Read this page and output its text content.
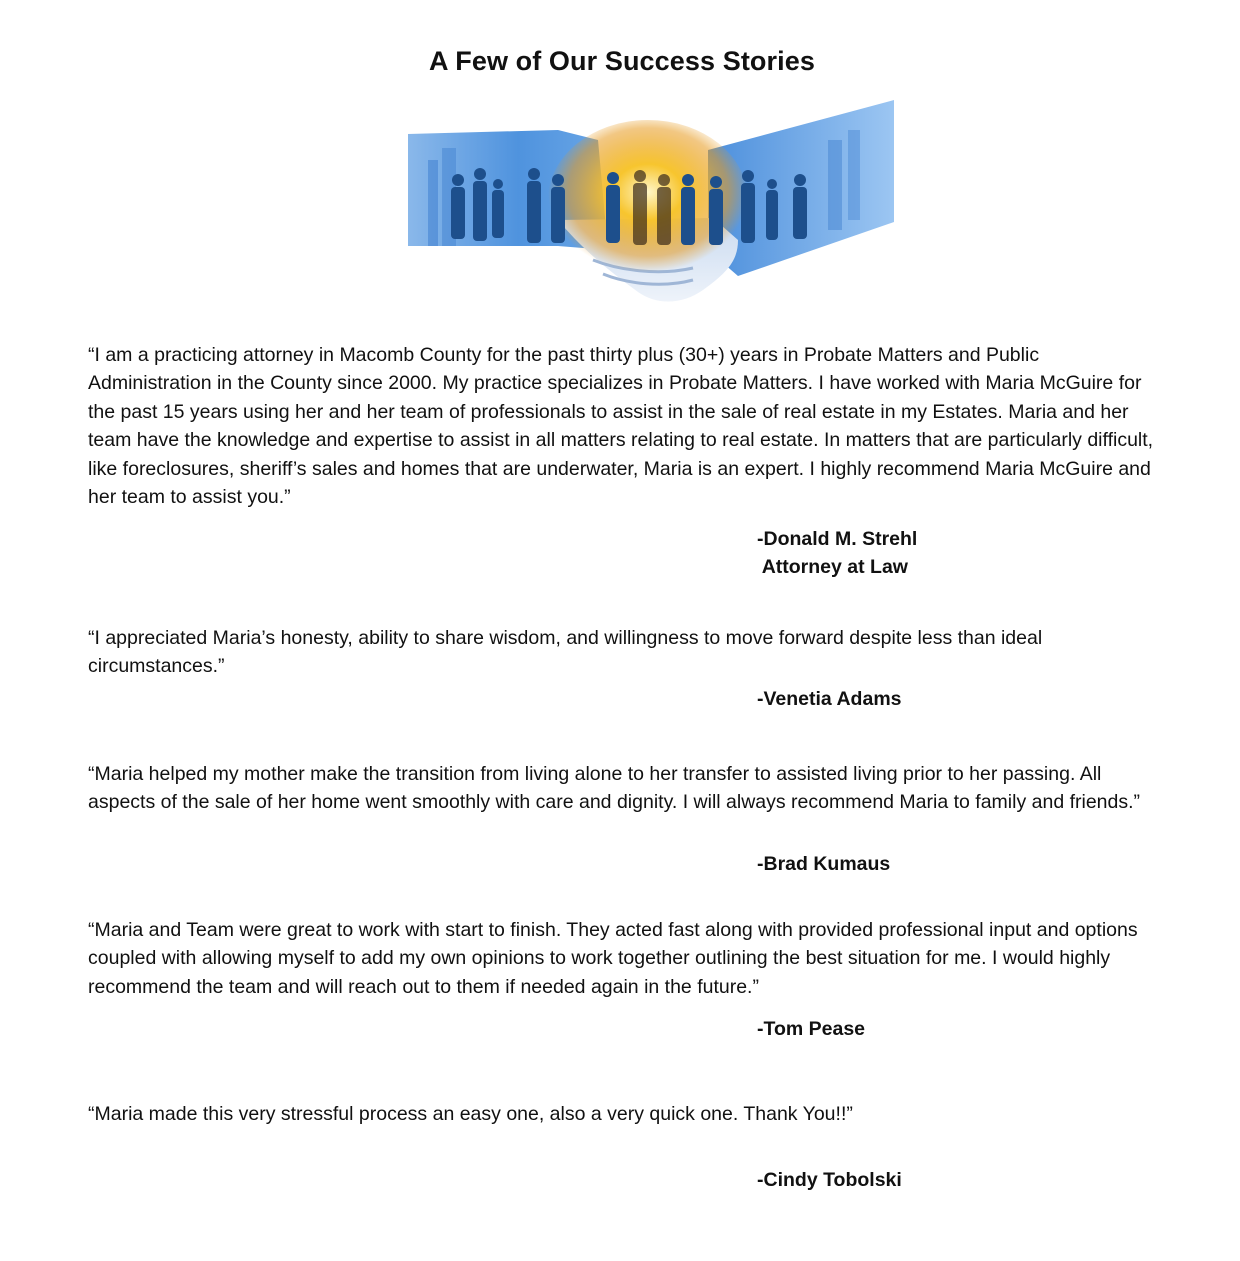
A Few of Our Success Stories

“I am a practicing attorney in Macomb County for the past thirty plus (30+) years in Probate Matters and Public Administration in the County since 2000. My practice specializes in Probate Matters. I have worked with Maria McGuire for the past 15 years using her and her team of professionals to assist in the sale of real estate in my Estates. Maria and her team have the knowledge and expertise to assist in all matters relating to real estate. In matters that are particularly difficult, like foreclosures, sheriff’s sales and homes that are underwater, Maria is an expert. I highly recommend Maria McGuire and her team to assist you.”

-Donald M. Strehl

Attorney at Law

“I appreciated Maria’s honesty, ability to share wisdom, and willingness to move forward despite less than ideal circumstances.”

-Venetia Adams

“Maria helped my mother make the transition from living alone to her transfer to assisted living prior to her passing. All aspects of the sale of her home went smoothly with care and dignity. I will always recommend Maria to family and friends.”

-Brad Kumaus

“Maria and Team were great to work with start to finish. They acted fast along with provided professional input and options coupled with allowing myself to add my own opinions to work together outlining the best situation for me. I would highly recommend the team and will reach out to them if needed again in the future.”

-Tom Pease

“Maria made this very stressful process an easy one, also a very quick one. Thank You!!”

-Cindy Tobolski
